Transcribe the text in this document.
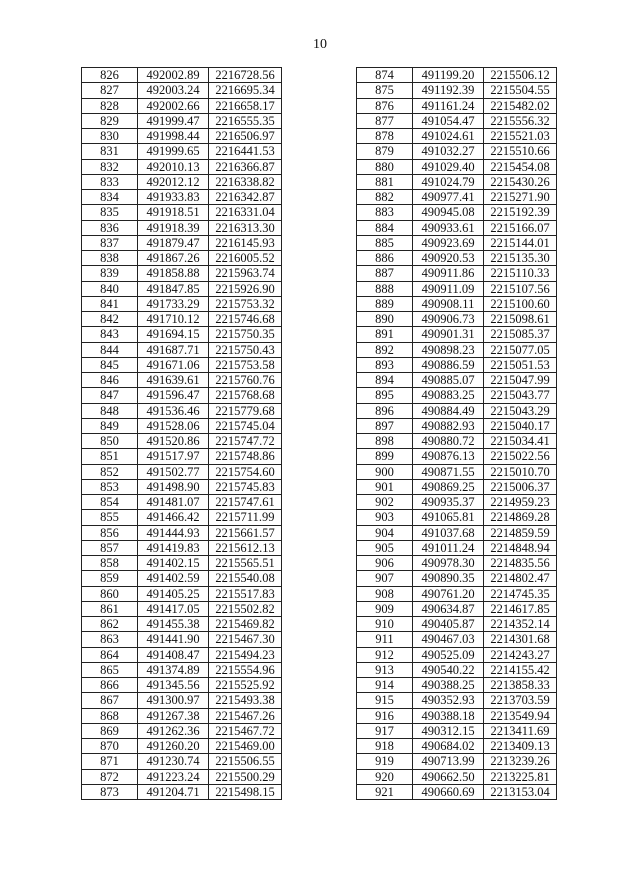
10
826	492002.89	2216728.56
827	492003.24	2216695.34
828	492002.66	2216658.17
829	491999.47	2216555.35
830	491998.44	2216506.97
831	491999.65	2216441.53
832	492010.13	2216366.87
833	492012.12	2216338.82
834	491933.83	2216342.87
835	491918.51	2216331.04
836	491918.39	2216313.30
837	491879.47	2216145.93
838	491867.26	2216005.52
839	491858.88	2215963.74
840	491847.85	2215926.90
841	491733.29	2215753.32
842	491710.12	2215746.68
843	491694.15	2215750.35
844	491687.71	2215750.43
845	491671.06	2215753.58
846	491639.61	2215760.76
847	491596.47	2215768.68
848	491536.46	2215779.68
849	491528.06	2215745.04
850	491520.86	2215747.72
851	491517.97	2215748.86
852	491502.77	2215754.60
853	491498.90	2215745.83
854	491481.07	2215747.61
855	491466.42	2215711.99
856	491444.93	2215661.57
857	491419.83	2215612.13
858	491402.15	2215565.51
859	491402.59	2215540.08
860	491405.25	2215517.83
861	491417.05	2215502.82
862	491455.38	2215469.82
863	491441.90	2215467.30
864	491408.47	2215494.23
865	491374.89	2215554.96
866	491345.56	2215525.92
867	491300.97	2215493.38
868	491267.38	2215467.26
869	491262.36	2215467.72
870	491260.20	2215469.00
871	491230.74	2215506.55
872	491223.24	2215500.29
873	491204.71	2215498.15
874	491199.20	2215506.12
875	491192.39	2215504.55
876	491161.24	2215482.02
877	491054.47	2215556.32
878	491024.61	2215521.03
879	491032.27	2215510.66
880	491029.40	2215454.08
881	491024.79	2215430.26
882	490977.41	2215271.90
883	490945.08	2215192.39
884	490933.61	2215166.07
885	490923.69	2215144.01
886	490920.53	2215135.30
887	490911.86	2215110.33
888	490911.09	2215107.56
889	490908.11	2215100.60
890	490906.73	2215098.61
891	490901.31	2215085.37
892	490898.23	2215077.05
893	490886.59	2215051.53
894	490885.07	2215047.99
895	490883.25	2215043.77
896	490884.49	2215043.29
897	490882.93	2215040.17
898	490880.72	2215034.41
899	490876.13	2215022.56
900	490871.55	2215010.70
901	490869.25	2215006.37
902	490935.37	2214959.23
903	491065.81	2214869.28
904	491037.68	2214859.59
905	491011.24	2214848.94
906	490978.30	2214835.56
907	490890.35	2214802.47
908	490761.20	2214745.35
909	490634.87	2214617.85
910	490405.87	2214352.14
911	490467.03	2214301.68
912	490525.09	2214243.27
913	490540.22	2214155.42
914	490388.25	2213858.33
915	490352.93	2213703.59
916	490388.18	2213549.94
917	490312.15	2213411.69
918	490684.02	2213409.13
919	490713.99	2213239.26
920	490662.50	2213225.81
921	490660.69	2213153.04
